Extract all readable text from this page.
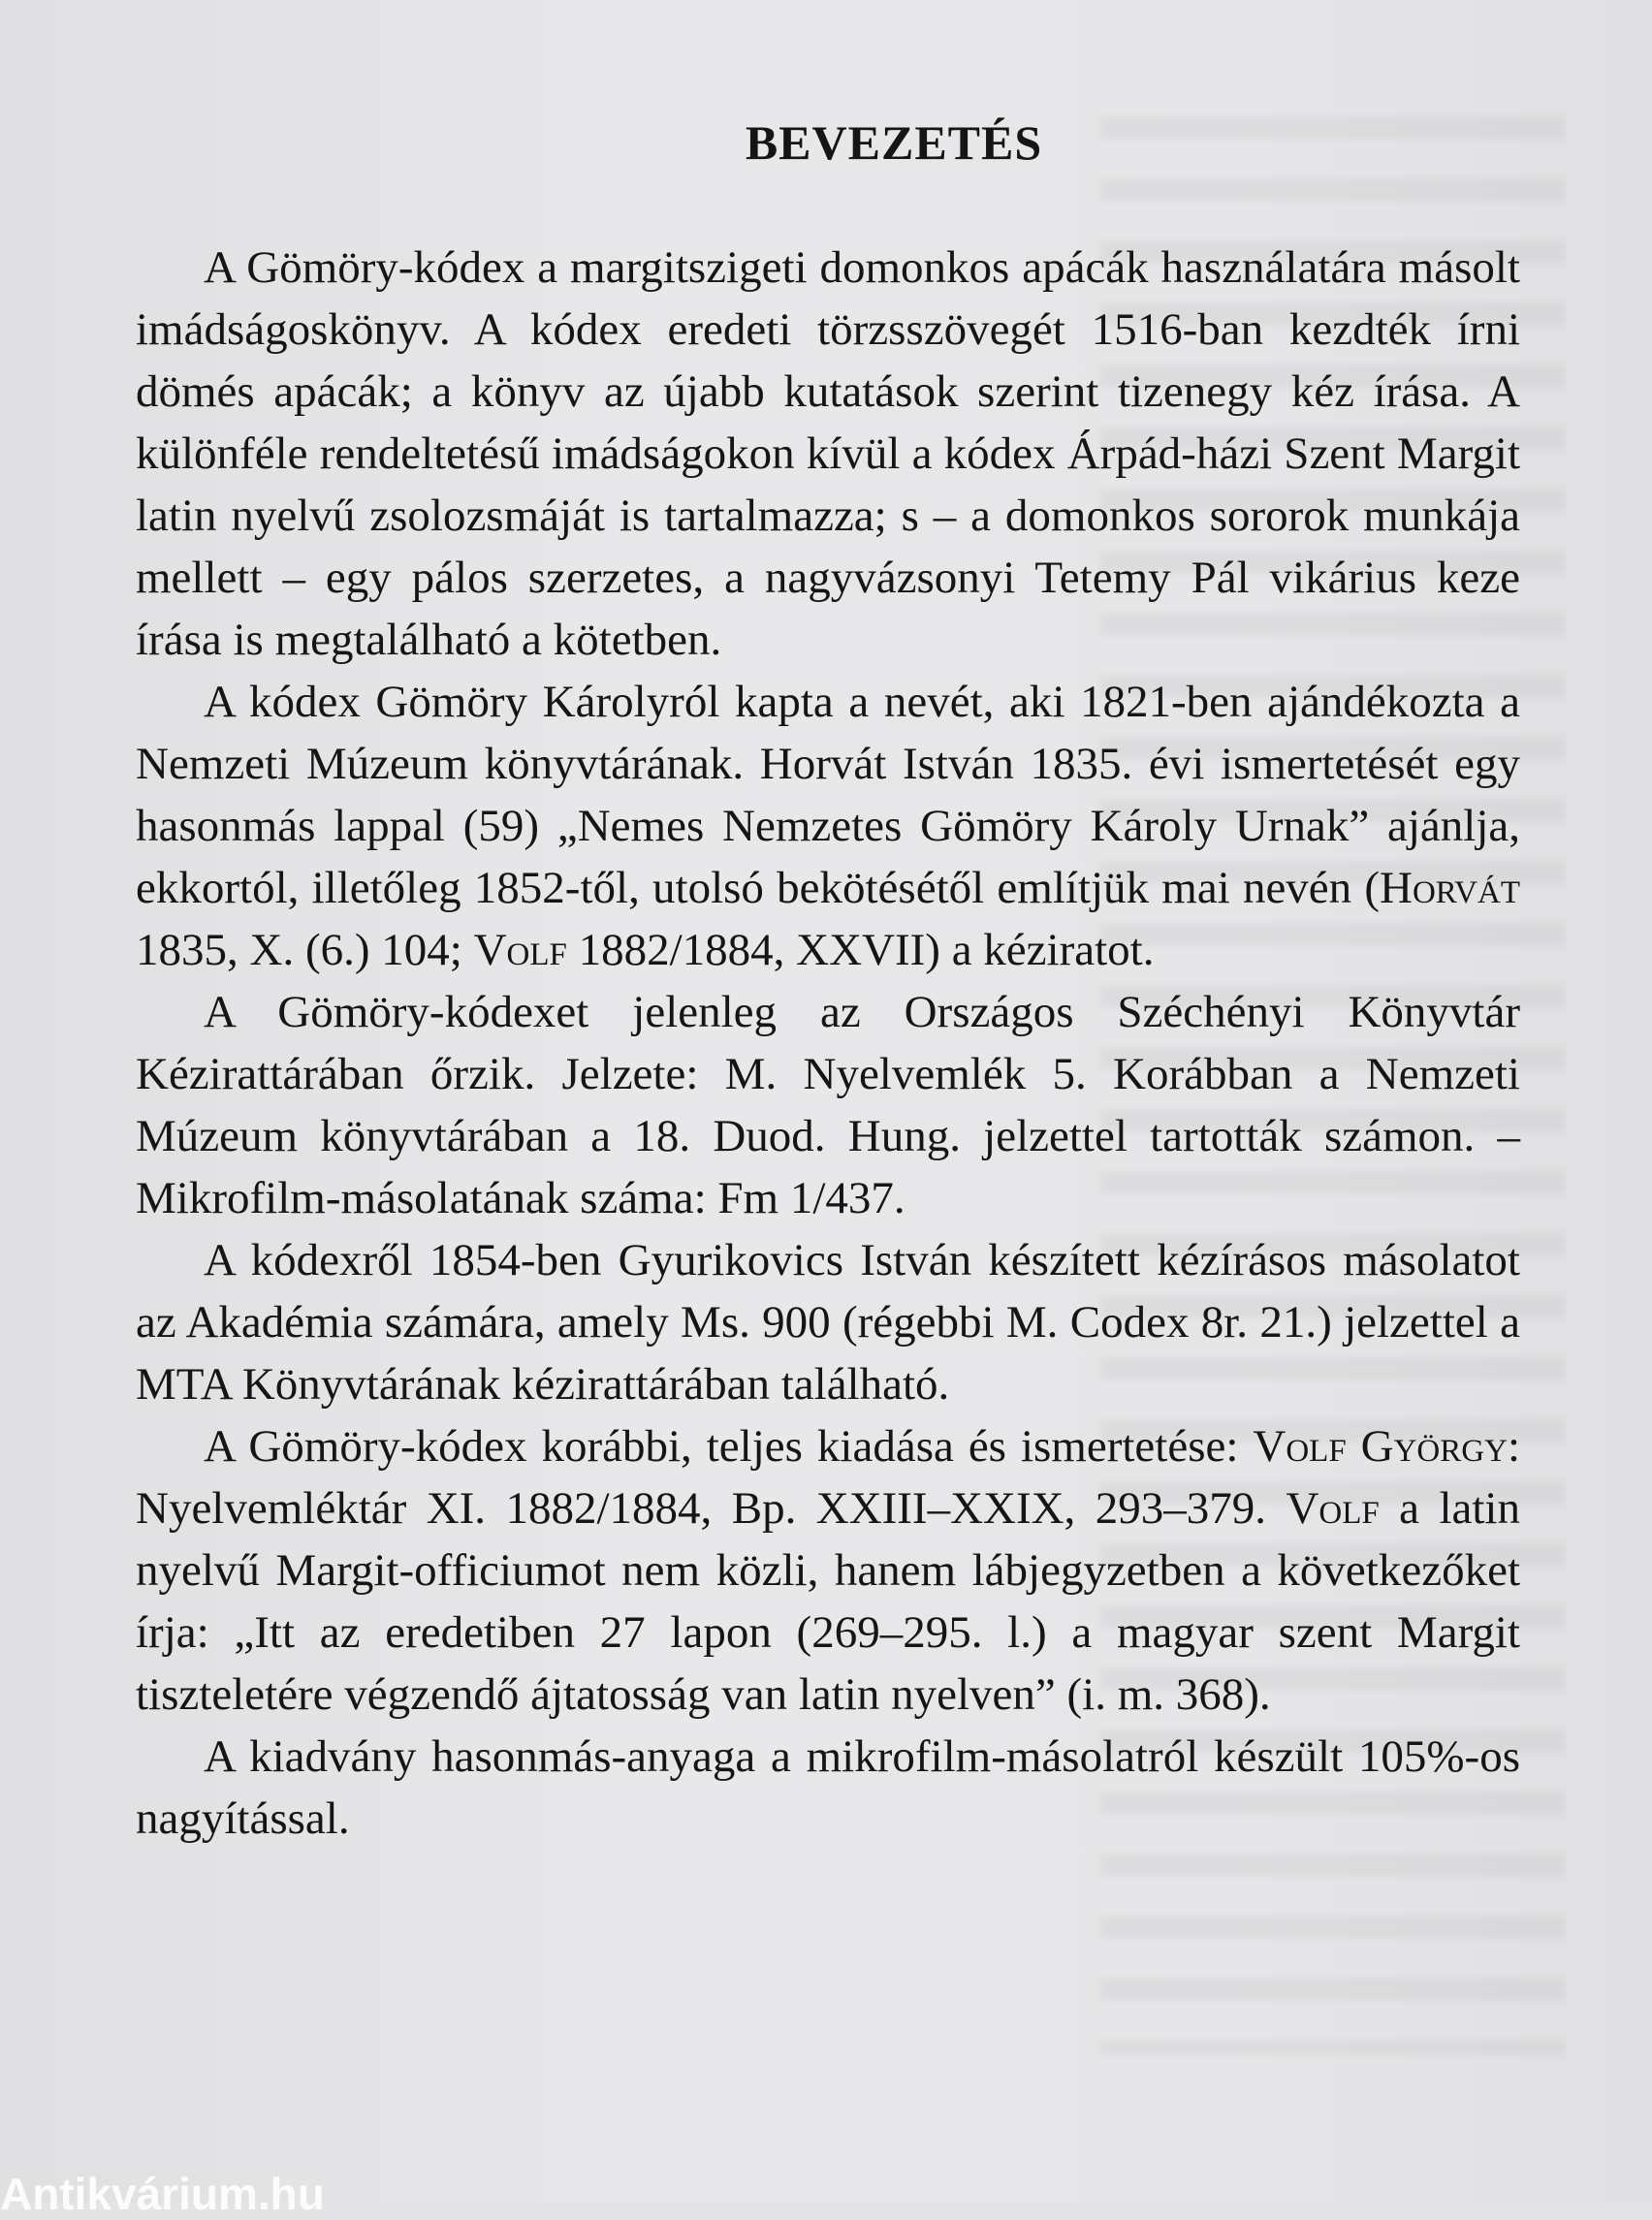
BEVEZETÉS

A Gömöry-kódex a margitszigeti domonkos apácák használatára másolt imádságoskönyv. A kódex eredeti törzsszövegét 1516-ban kezdték írni dömés apácák; a könyv az újabb kutatások szerint tizenegy kéz írása. A különféle rendeltetésű imádságokon kívül a kódex Árpád-házi Szent Margit latin nyelvű zsolozsmáját is tartalmazza; s – a domonkos sororok munkája mellett – egy pálos szerzetes, a nagyvázsonyi Tetemy Pál vikárius keze írása is megtalálható a kötetben.

A kódex Gömöry Károlyról kapta a nevét, aki 1821-ben ajándékozta a Nemzeti Múzeum könyvtárának. Horvát István 1835. évi ismertetését egy hasonmás lappal (59) „Nemes Nemzetes Gömöry Károly Urnak” ajánlja, ekkortól, illetőleg 1852-től, utolsó bekötésétől említjük mai nevén (Horvát 1835, X. (6.) 104; Volf 1882/1884, XXVII) a kéziratot.

A Gömöry-kódexet jelenleg az Országos Széchényi Könyvtár Kézirattárában őrzik. Jelzete: M. Nyelvemlék 5. Korábban a Nemzeti Múzeum könyvtárában a 18. Duod. Hung. jelzettel tartották számon. – Mikrofilm-másolatának száma: Fm 1/437.

A kódexről 1854-ben Gyurikovics István készített kézírásos másolatot az Akadémia számára, amely Ms. 900 (régebbi M. Codex 8r. 21.) jelzettel a MTA Könyvtárának kézirattárában található.

A Gömöry-kódex korábbi, teljes kiadása és ismertetése: Volf György: Nyelvemléktár XI. 1882/1884, Bp. XXIII–XXIX, 293–379. Volf a latin nyelvű Margit-officiumot nem közli, hanem lábjegyzetben a következőket írja: „Itt az eredetiben 27 lapon (269–295. l.) a magyar szent Margit tiszteletére végzendő ájtatosság van latin nyelven” (i. m. 368).

A kiadvány hasonmás-anyaga a mikrofilm-másolatról készült 105%-os nagyítással.

Antikvárium.hu
